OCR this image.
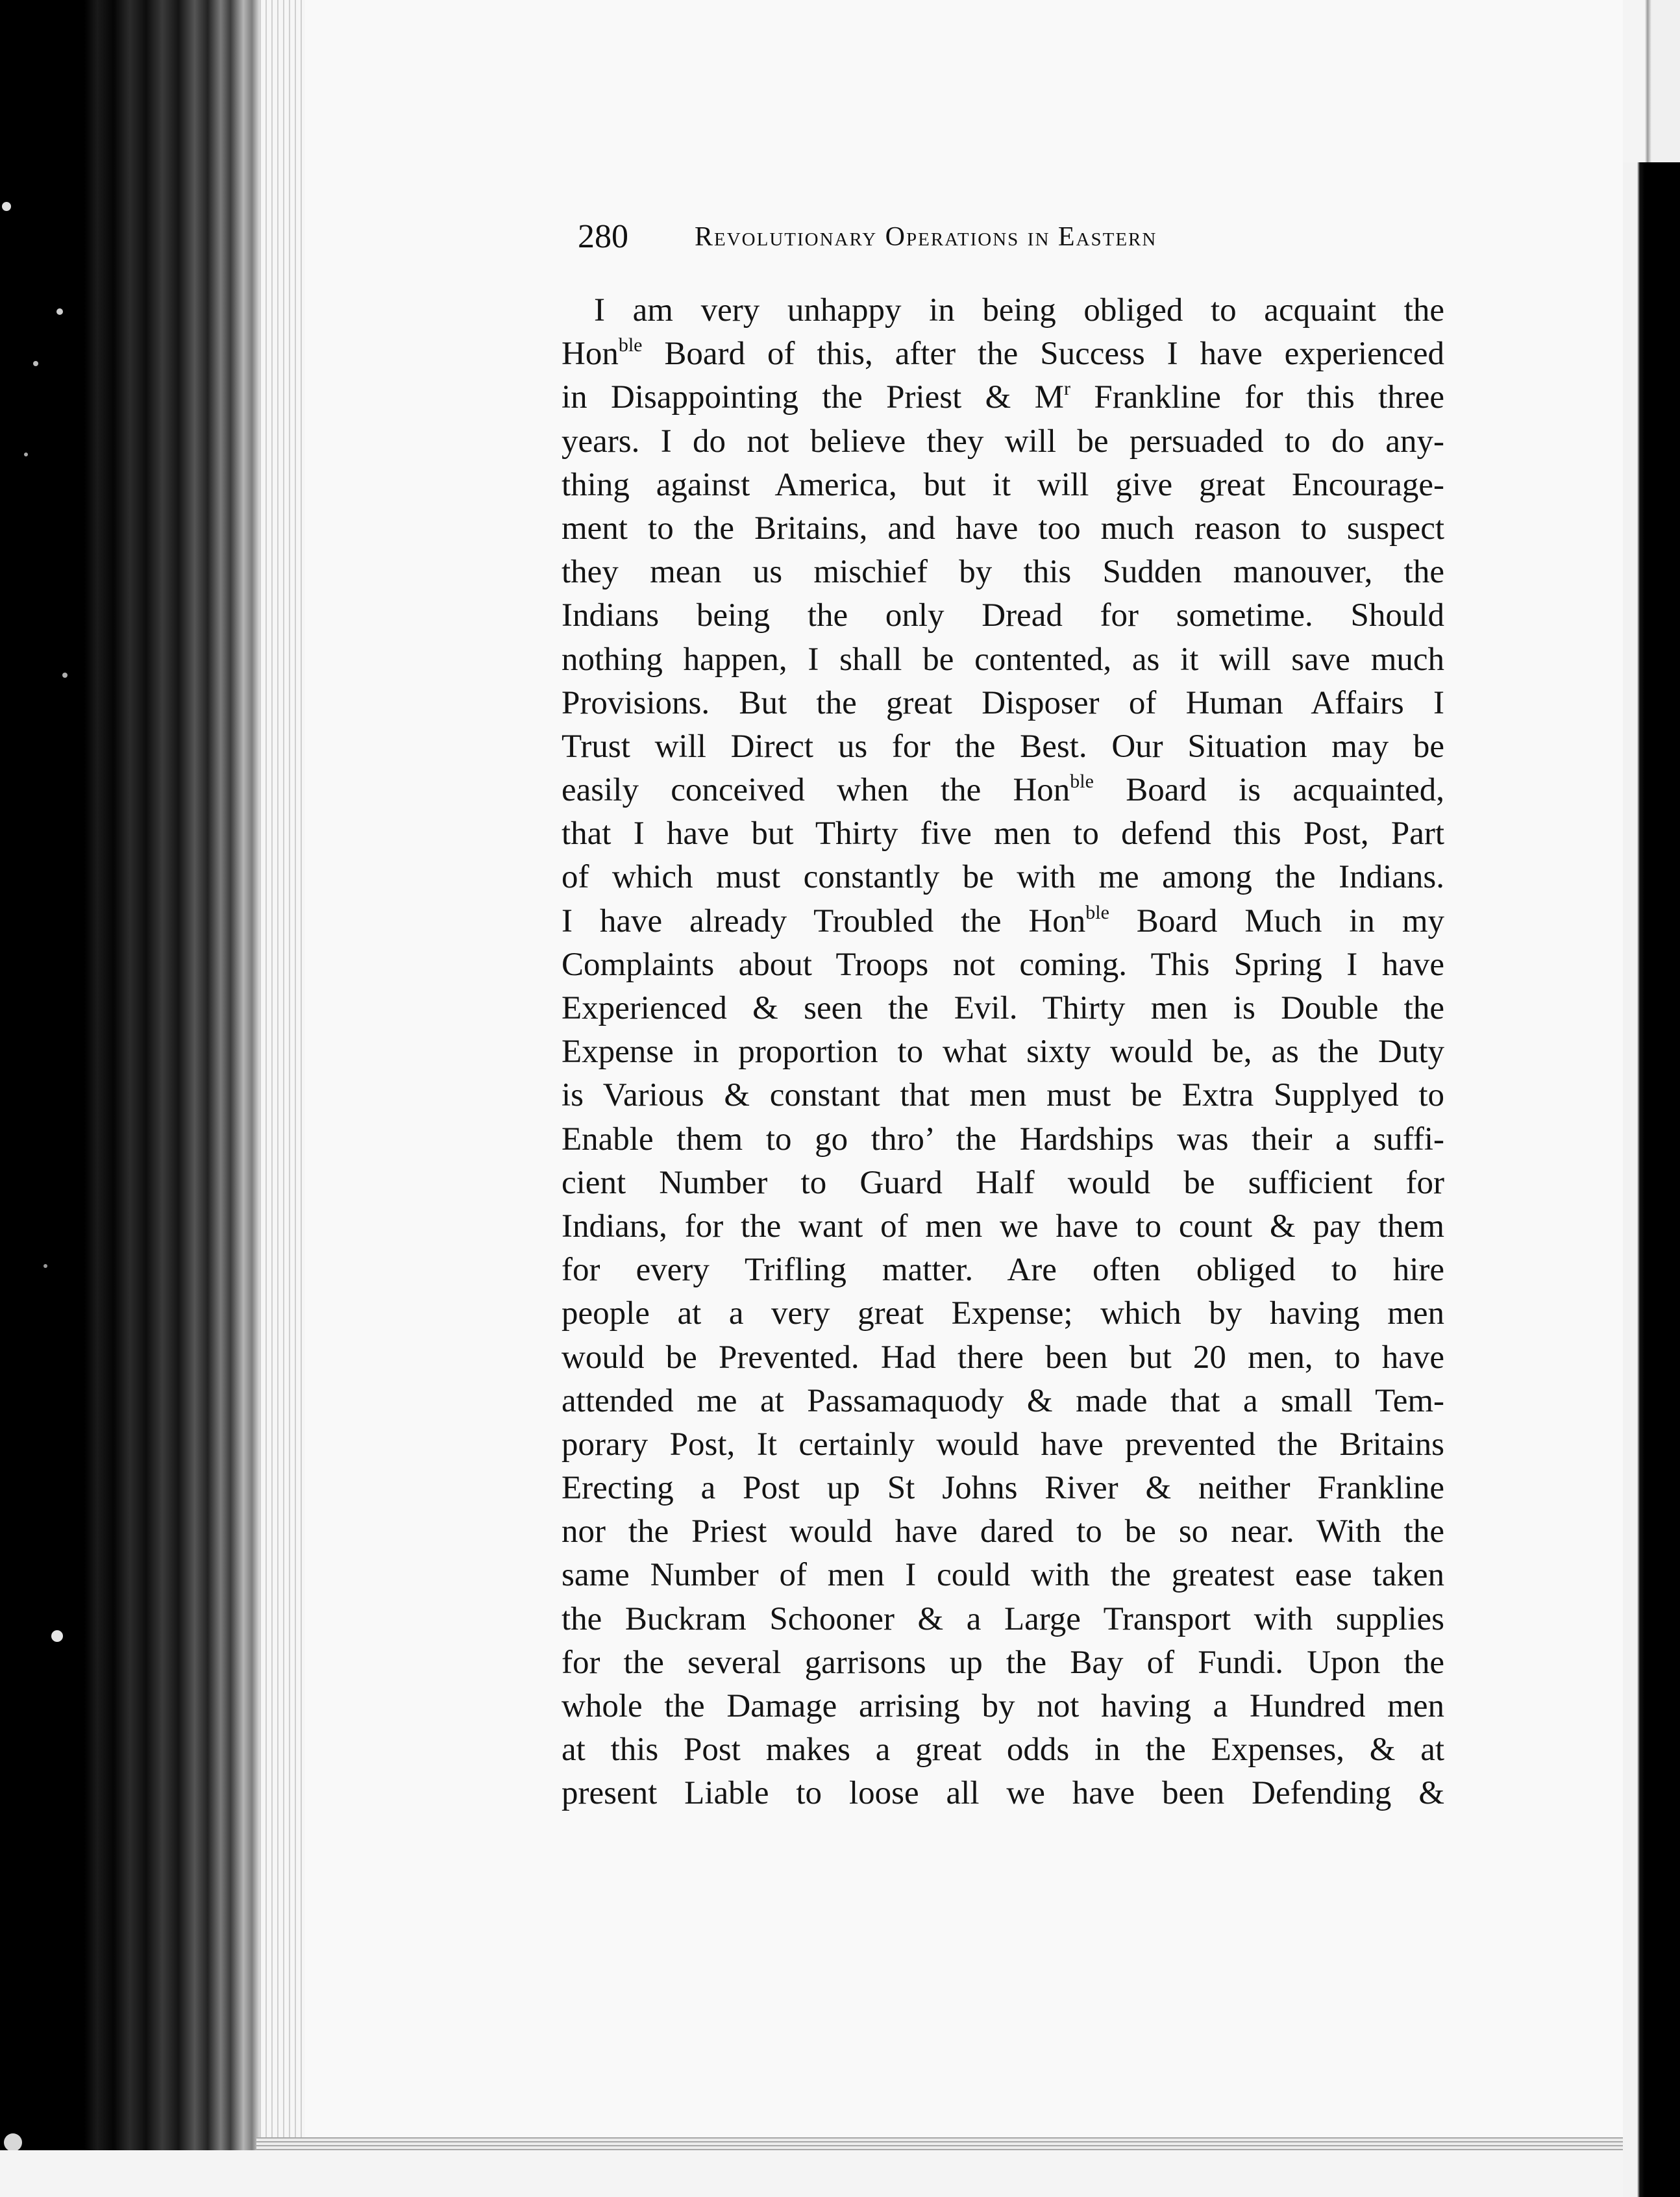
280 Revolutionary Operations in Eastern
I am very unhappy in being obliged to acquaint the
Hon$^{ble}$ Board of this, after the Success I have experienced
in Disappointing the Priest & $M^r$ Frankline for this three
years. I do not believe they will be persuaded to do any-
thing against America, but it will give great Encourage-
ment to the Britains, and have too much reason to suspect
they mean us mischief by this Sudden manouver, the
Indians being the only Dread for sometime. Should
nothing happen, I shall be contented, as it will save much
Provisions. But the great Disposer of Human Affairs I
Trust will Direct us for the Best. Our Situation may be
easily conceived when the Hon$^{ble}$ Board is acquainted,
that I have but Thirty five men to defend this Post, Part
of which must constantly be with me among the Indians.
I have already Troubled the Hon$^{ble}$ Board Much in my
Complaints about Troops not coming. This Spring I have
Experienced & seen the Evil. Thirty men is Double the
Expense in proportion to what sixty would be, as the Duty
is Various & constant that men must be Extra Supplyed to
Enable them to go thro’ the Hardships was their a suffi-
cient Number to Guard Half would be sufficient for
Indians, for the want of men we have to count & pay them
for every Trifling matter. Are often obliged to hire
people at a very great Expense; which by having men
would be Prevented. Had there been but 20 men, to have
attended me at Passamaquody & made that a small Tem-
porary Post, It certainly would have prevented the Britains
Erecting a Post up St Johns River & neither Frankline
nor the Priest would have dared to be so near. With the
same Number of men I could with the greatest ease taken
the Buckram Schooner & a Large Transport with supplies
for the several garrisons up the Bay of Fundi. Upon the
whole the Damage arrising by not having a Hundred men
at this Post makes a great odds in the Expenses, & at
present Liable to loose all we have been Defending &
